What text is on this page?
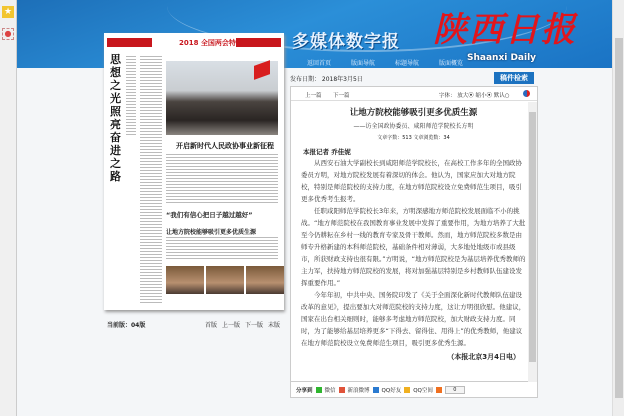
★
●	多媒体数字报 陕西日报
Shaanxi Daily
返回首页	版面导航	标题导航	版面概览
2018 全国两会特刊
思想之光照亮奋进之路
开启新时代人民政协事业新征程
“我们有信心把日子越过越好”
让地方院校能够吸引更多优质生源
当前版：04版	首版 上一版 下一版 末版
发布日期： 2018年3月5日	稿件检索
上一篇 下一篇	字体： 放大⦿ 缩小⦿ 默认○
让地方院校能够吸引更多优质生源
——访全国政协委员、咸阳师范学院校长方明
文章字数：513 文章浏览数：34
本报记者 乔佳妮

从西安石油大学副校长到咸阳师范学院校长，在高校工作多年的全国政协委员方明，对地方院校发展有着深切的体会。他认为，国家应加大对地方院校，特别是师范院校的支持力度，在地方师范院校设立免费师范生项目，吸引更多优秀考生报考。

任职咸阳师范学院校长3年来，方明深感地方师范院校发展面临不小的挑战。“地方师范院校在我国教育事业发展中发挥了重要作用，为地方培养了大批至今仍耕耘在乡村一线的教育专家及骨干教师。然而，地方师范院校多数是由师专升格新建的本科师范院校，基础条件相对薄弱，大多地处地级市或县级市，所获财政支持也很有限。”方明说，“地方师范院校是为基层培养优秀教师的主力军，扶持地方师范院校的发展，将对加强基层特别是乡村教师队伍建设发挥重要作用。”

今年年初，中共中央、国务院印发了《关于全面深化新时代教师队伍建设改革的意见》，提出要加大对师范院校的支持力度，这让方明很欣慰。他建议，国家在出台相关细则时，能够多考虑地方师范院校，加大财政支持力度。同时，为了能够给基层培养更多“下得去、留得住、用得上”的优秀教师，他建议在地方师范院校设立免费师范生项目，吸引更多优秀生源。

（本报北京3月4日电）
分享到 微信 新浪微博 QQ好友 QQ空间	0
